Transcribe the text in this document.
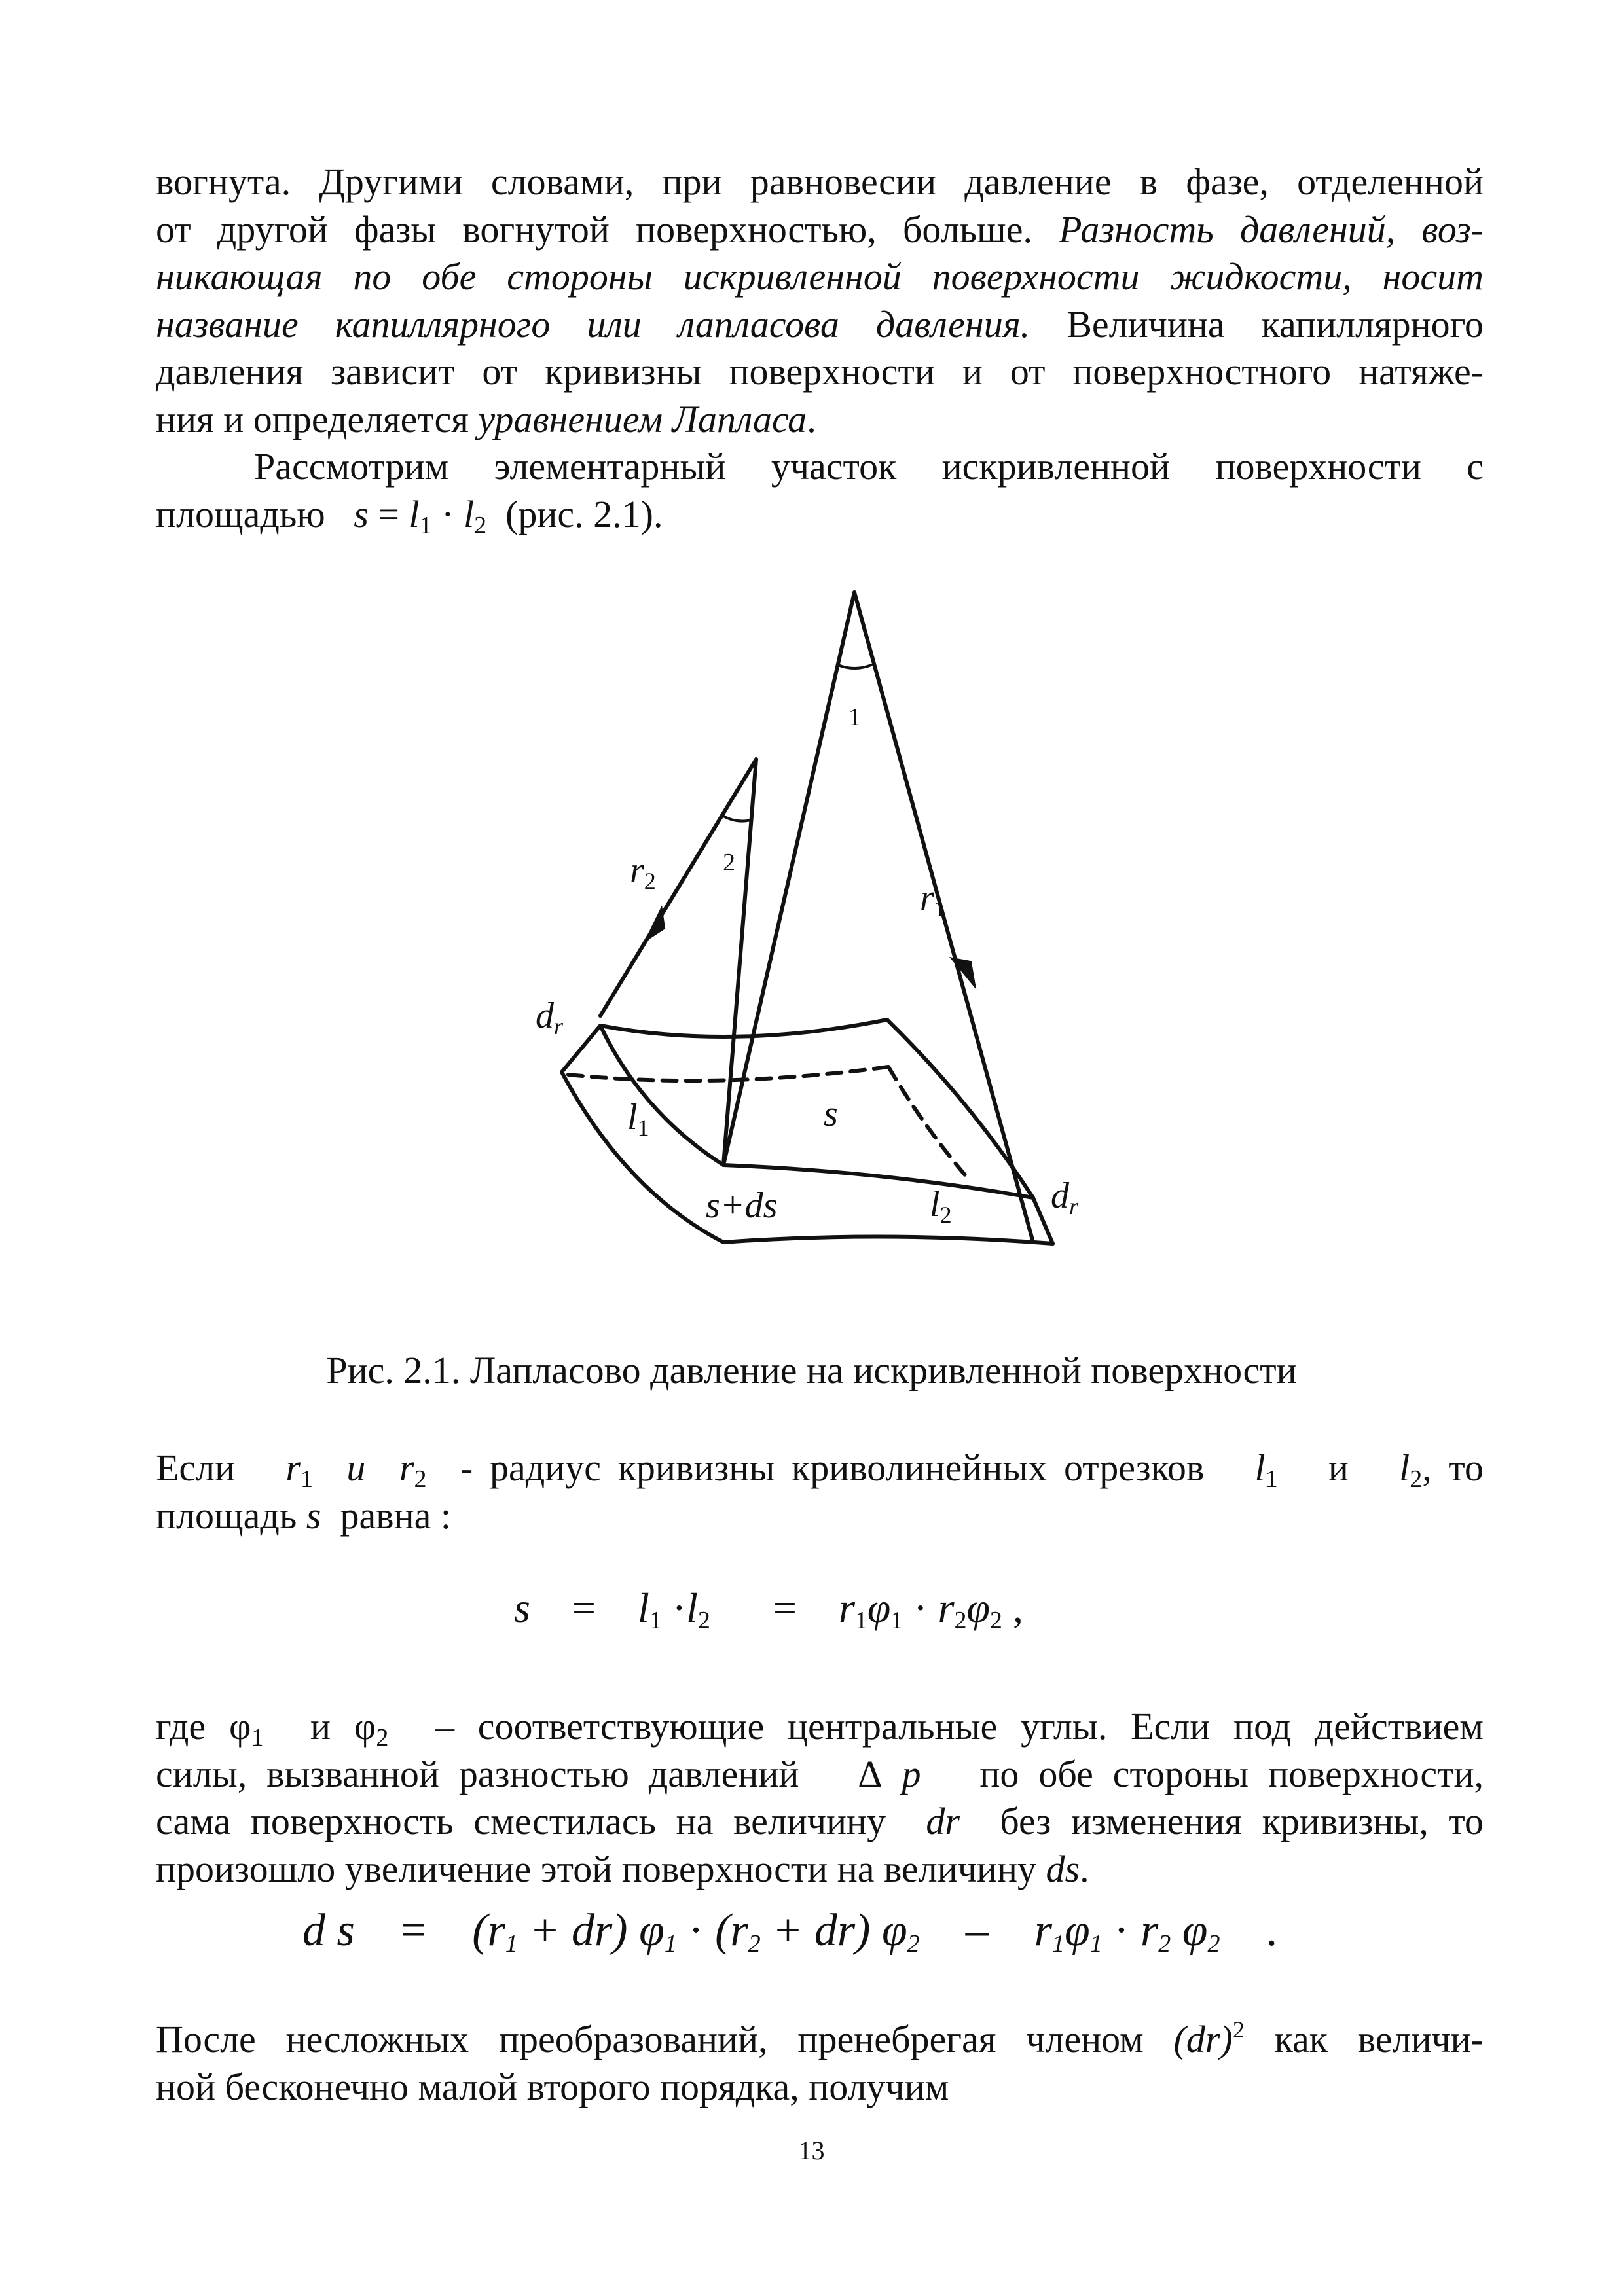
вогнута. Другими словами, при равновесии давление в фазе, отделенной
от другой фазы вогнутой поверхностью, больше. Разность давлений, воз-
никающая по обе стороны искривленной поверхности жидкости, носит
название капиллярного или лапласова давления. Величина капиллярного
давления зависит от кривизны поверхности и от поверхностного натяже-
ния и определяется уравнением Лапласа.
Рассмотрим элементарный участок искривленной поверхности с
площадью $s = l_1 \cdot l_2$ (рис. 2.1).
r2	r1
dr
dr
l1
l2
s
s+ds
1
2
Рис. 2.1. Лапласово давление на искривленной поверхности
Если $r_1$ и $r_2$ - радиус кривизны криволинейных отрезков $l_1$ и $l_2$, то
площадь s равна :
$s = l_1 \cdot l_2 = r_1\varphi_1 \cdot r_2\varphi_2$ ,
где $\varphi_1$ и $\varphi_2$ – соответствующие центральные углы. Если под действием
силы, вызванной разностью давлений Δ p по обе стороны поверхности,
сама поверхность сместилась на величину dr без изменения кривизны, то
произошло увеличение этой поверхности на величину ds.
d $s = (r_1 + dr) \varphi_1 \cdot (r_2 + dr)$ $\varphi_2 - r_1\varphi_1 \cdot r_2$ $\varphi_2$ .
После несложных преобразований, пренебрегая членом (dr)$^2$ как величи-
ной бесконечно малой второго порядка, получим
13
